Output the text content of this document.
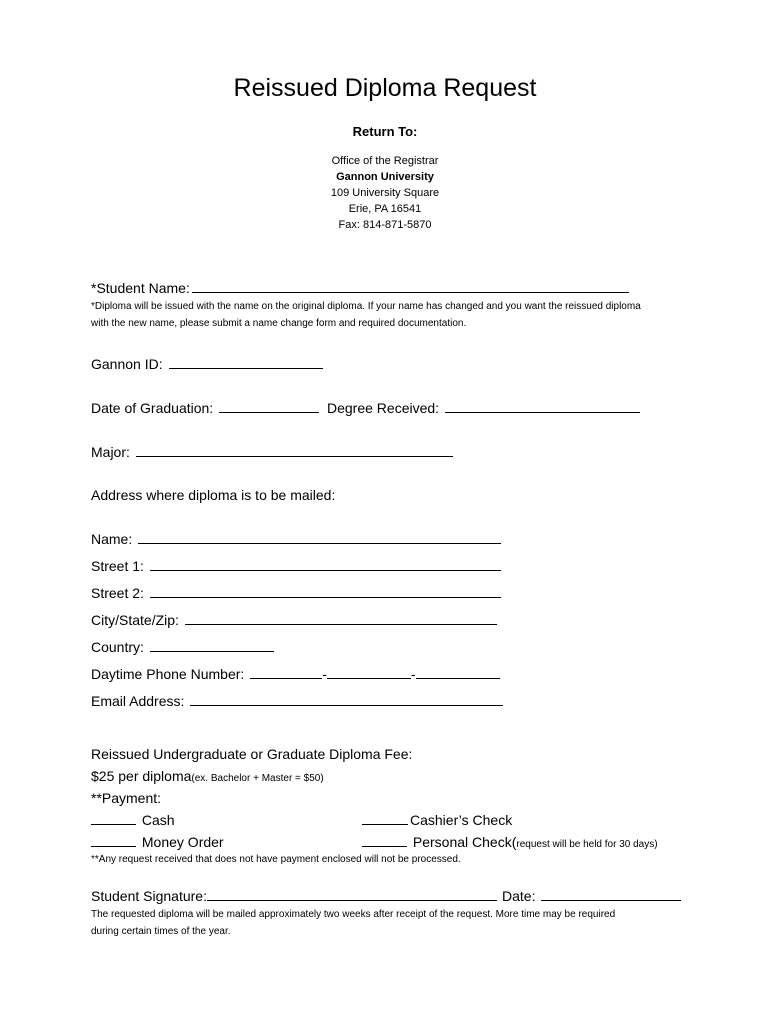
Reissued Diploma Request
Return To:
Office of the Registrar
Gannon University
109 University Square
Erie, PA 16541
Fax: 814-871-5870
*Student Name:
*Diploma will be issued with the name on the original diploma. If your name has changed and you want the reissued diploma
with the new name, please submit a name change form and required documentation.
Gannon ID:
Date of Graduation:	Degree Received:
Major:
Address where diploma is to be mailed:
Name:
Street 1:
Street 2:
City/State/Zip:
Country:
Daytime Phone Number:	-	-
Email Address:
Reissued Undergraduate or Graduate Diploma Fee:
$25 per diploma(ex. Bachelor + Master = $50)
**Payment:
Cash	Cashier’s Check
Money Order	Personal Check(request will be held for 30 days)
**Any request received that does not have payment enclosed will not be processed.
Student Signature:	Date:
The requested diploma will be mailed approximately two weeks after receipt of the request. More time may be required
during certain times of the year.
